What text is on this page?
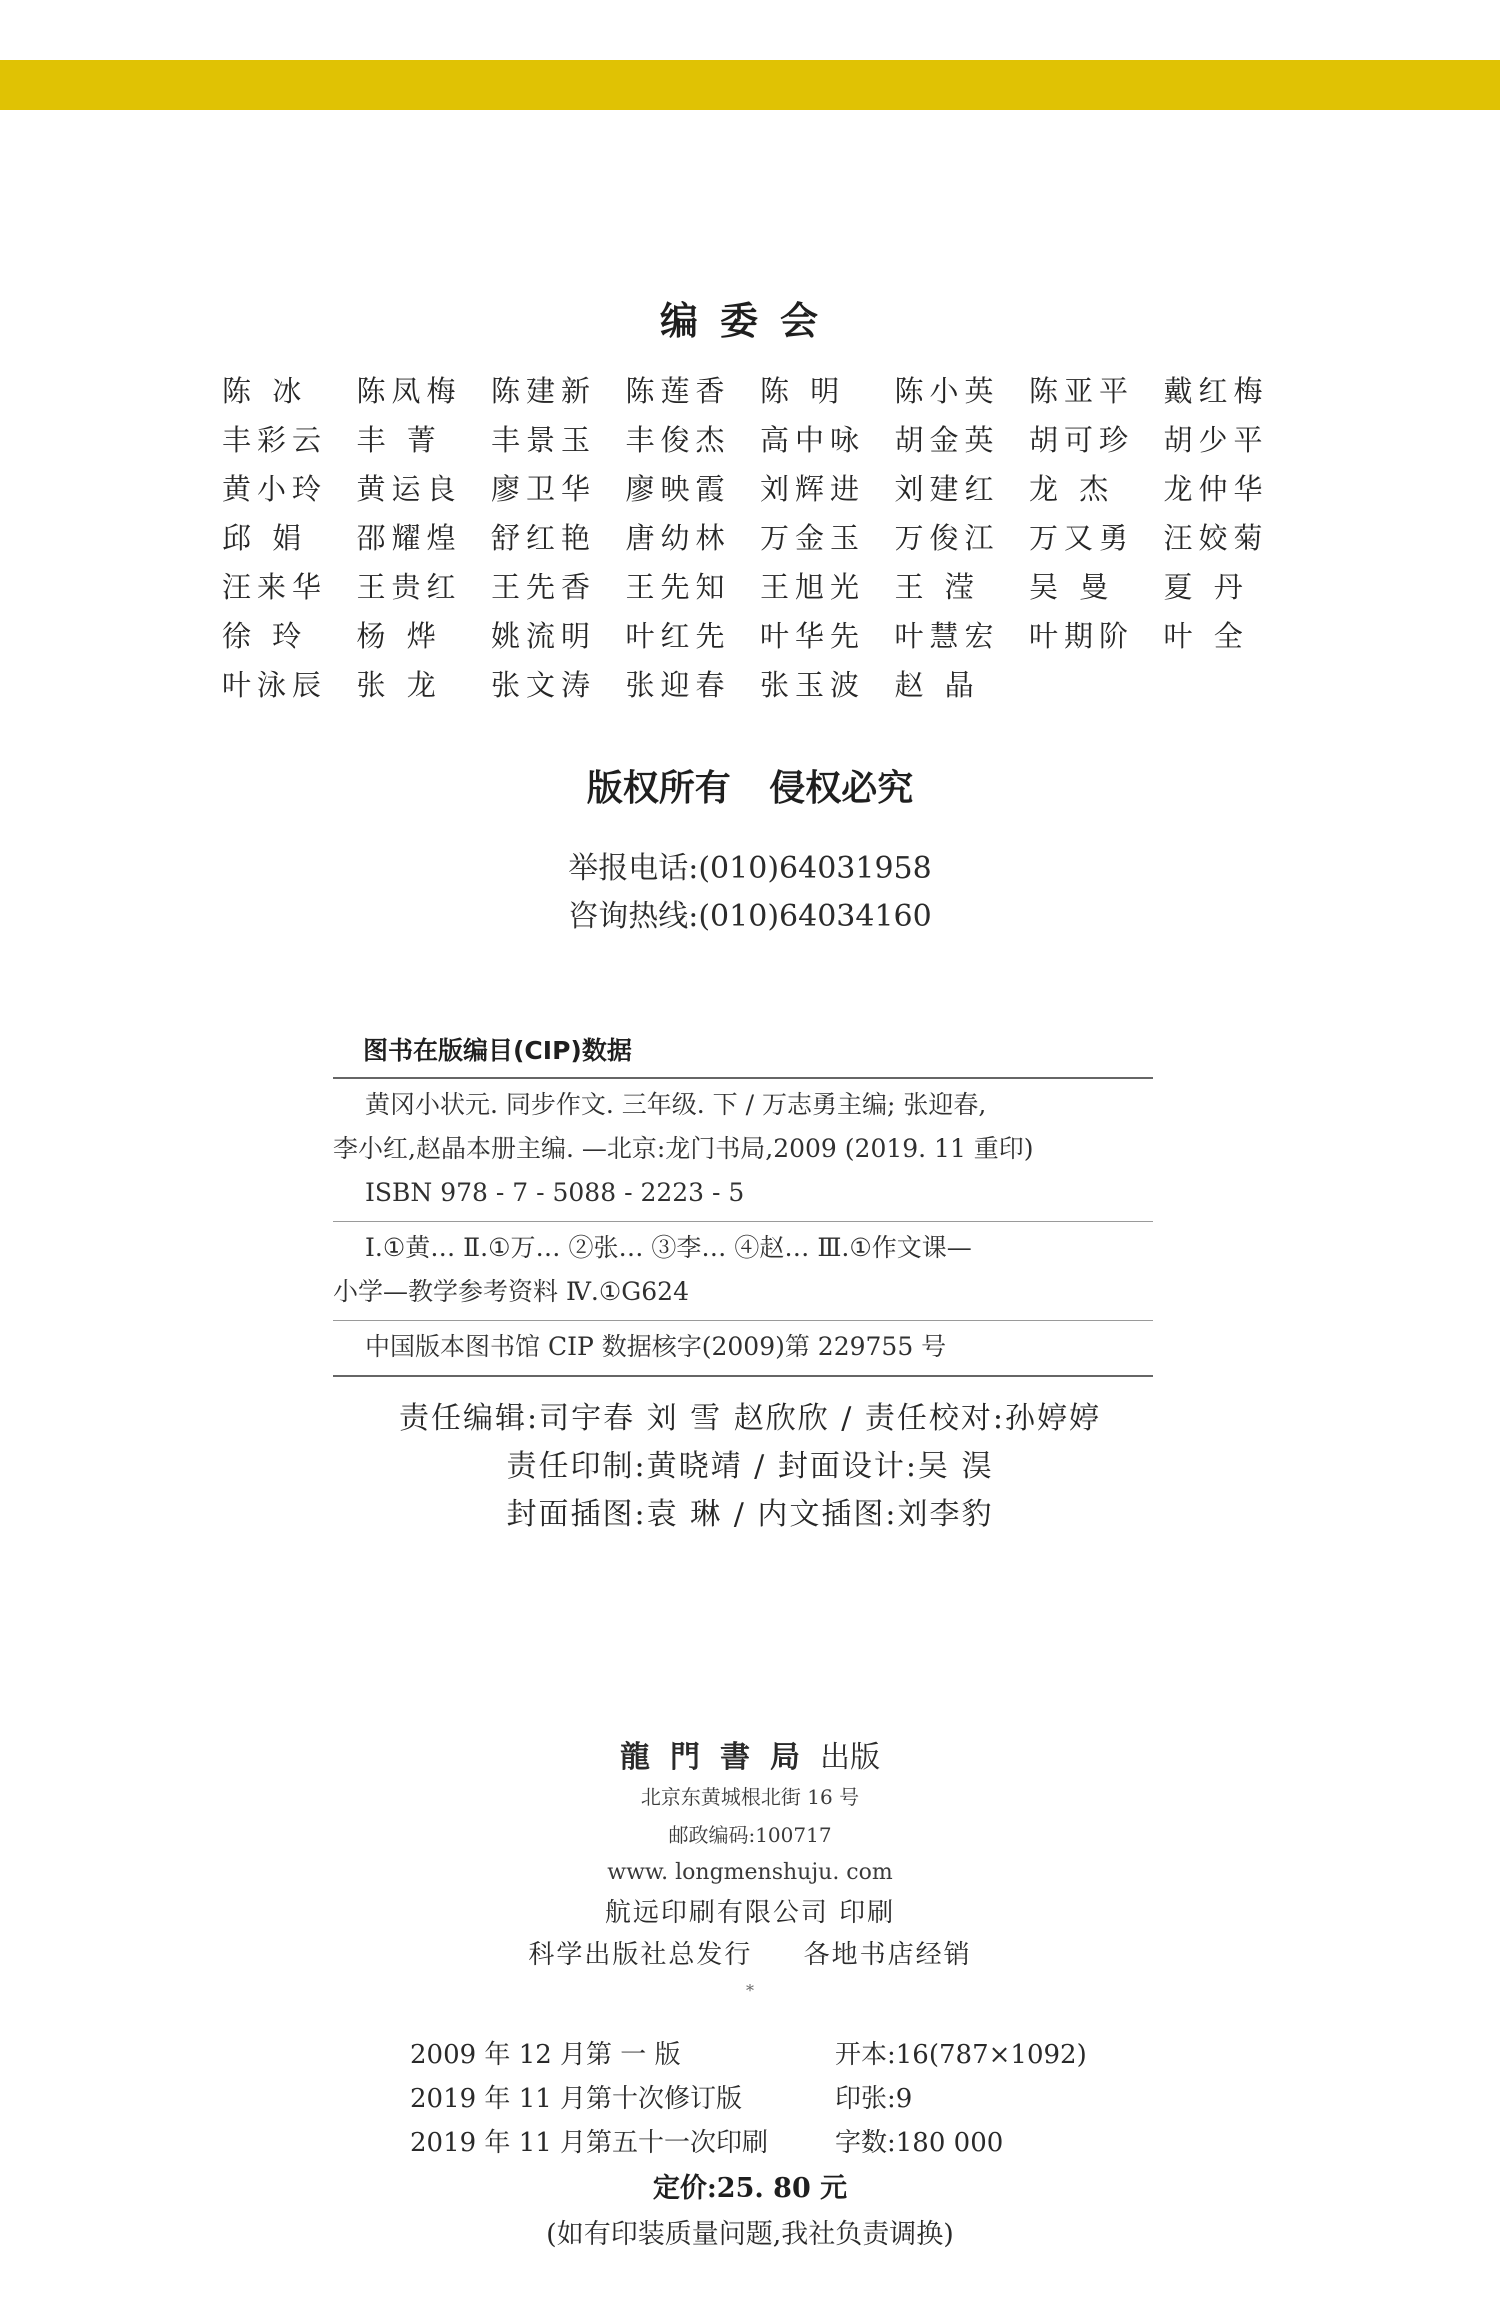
编委会
陈 冰	陈凤梅	陈建新	陈莲香	陈 明	陈小英	陈亚平	戴红梅
丰彩云	丰 菁	丰景玉	丰俊杰	高中咏	胡金英	胡可珍	胡少平
黄小玲	黄运良	廖卫华	廖映霞	刘辉进	刘建红	龙 杰	龙仲华
邱 娟	邵耀煌	舒红艳	唐幼林	万金玉	万俊江	万又勇	汪姣菊
汪来华	王贵红	王先香	王先知	王旭光	王 滢	吴 曼	夏 丹
徐 玲	杨 烨	姚流明	叶红先	叶华先	叶慧宏	叶期阶	叶 全
叶泳辰	张 龙	张文涛	张迎春	张玉波	赵 晶
版权所有 侵权必究
举报电话:(010)64031958
咨询热线:(010)64034160
图书在版编目(CIP)数据
黄冈小状元. 同步作文. 三年级. 下 / 万志勇主编; 张迎春,
李小红,赵晶本册主编. —北京:龙门书局,2009 (2019. 11 重印)
ISBN 978 - 7 - 5088 - 2223 - 5
Ⅰ.①黄… Ⅱ.①万… ②张… ③李… ④赵… Ⅲ.①作文课—
小学—教学参考资料 Ⅳ.①G624
中国版本图书馆 CIP 数据核字(2009)第 229755 号
责任编辑:司宇春 刘 雪 赵欣欣 / 责任校对:孙婷婷
责任印制:黄晓靖 / 封面设计:吴 淏
封面插图:袁 琳 / 内文插图:刘李豹
龍門書局出版
北京东黄城根北街 16 号
邮政编码:100717
www. longmenshuju. com
航远印刷有限公司 印刷
科学出版社总发行 各地书店经销
*
2009 年 12 月第 一 版	开本:16(787×1092)
2019 年 11 月第十次修订版	印张:9
2019 年 11 月第五十一次印刷	字数:180 000
定价:25. 80 元
(如有印装质量问题,我社负责调换)
